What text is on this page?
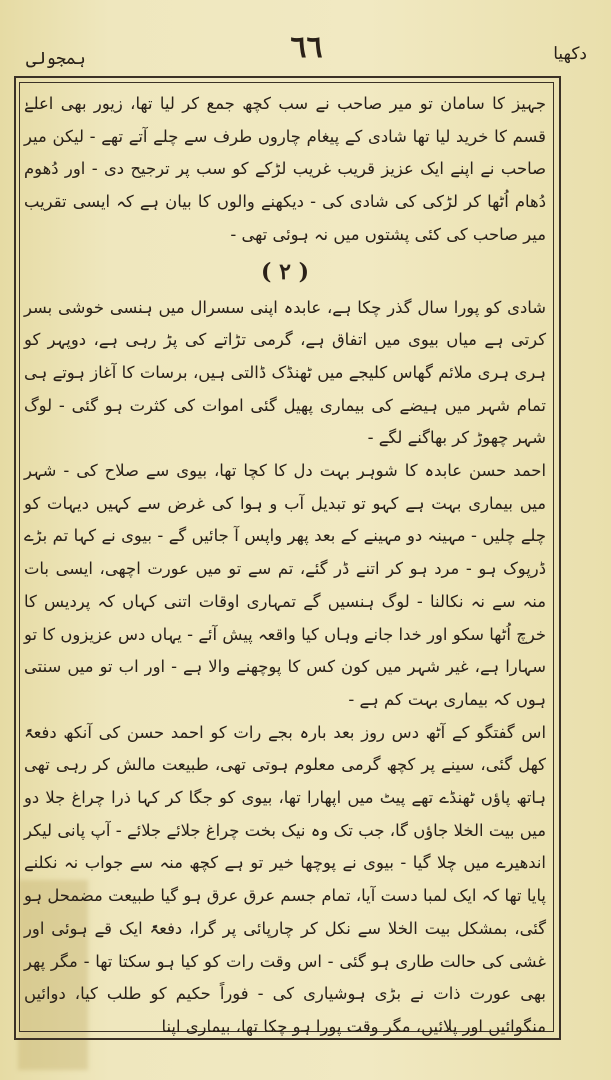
ہمجولی	٦٦	دکھیا

جہیز کا سامان تو میر صاحب نے سب کچھ جمع کر لیا تھا، زیور بھی اعلےٰ قسم کا خرید لیا تھا شادی کے پیغام چاروں طرف سے چلے آتے تھے - لیکن میر صاحب نے اپنے ایک عزیز قریب غریب لڑکے کو سب پر ترجیح دی - اور دُھوم دُھام اُٹھا کر لڑکی کی شادی کی - دیکھنے والوں کا بیان ہے کہ ایسی تقریب میر صاحب کی کئی پشتوں میں نہ ہوئی تھی -

( ۲ )

شادی کو پورا سال گذر چکا ہے، عابدہ اپنی سسرال میں ہنسی خوشی بسر کرتی ہے میاں بیوی میں اتفاق ہے، گرمی تڑاتے کی پڑ رہی ہے، دوپہر کو ہری ہری ملائم گھاس کلیجے میں ٹھنڈک ڈالتی ہیں، برسات کا آغاز ہوتے ہی تمام شہر میں ہیضے کی بیماری پھیل گئی اموات کی کثرت ہو گئی - لوگ شہر چھوڑ کر بھاگنے لگے -

احمد حسن عابدہ کا شوہر بہت دل کا کچا تھا، بیوی سے صلاح کی - شہر میں بیماری بہت ہے کہو تو تبدیل آب و ہوا کی غرض سے کہیں دیہات کو چلے چلیں - مہینہ دو مہینے کے بعد پھر واپس آ جائیں گے - بیوی نے کہا تم بڑے ڈرپوک ہو - مرد ہو کر اتنے ڈر گئے، تم سے تو میں عورت اچھی، ایسی بات منہ سے نہ نکالنا - لوگ ہنسیں گے تمہاری اوقات اتنی کہاں کہ پردیس کا خرچ اُٹھا سکو اور خدا جانے وہاں کیا واقعہ پیش آئے - یہاں دس عزیزوں کا تو سہارا ہے، غیر شہر میں کون کس کا پوچھنے والا ہے - اور اب تو میں سنتی ہوں کہ بیماری بہت کم ہے -

اس گفتگو کے آٹھ دس روز بعد بارہ بجے رات کو احمد حسن کی آنکھ دفعۃً کھل گئی، سینے پر کچھ گرمی معلوم ہوتی تھی، طبیعت مالش کر رہی تھی ہاتھ پاؤں ٹھنڈے تھے پیٹ میں اپھارا تھا، بیوی کو جگا کر کہا ذرا چراغ جلا دو میں بیت الخلا جاؤں گا، جب تک وہ نیک بخت چراغ جلائے جلائے - آپ پانی لیکر اندھیرے میں چلا گیا - بیوی نے پوچھا خیر تو ہے کچھ منہ سے جواب نہ نکلنے پایا تھا کہ ایک لمبا دست آیا، تمام جسم عرق عرق ہو گیا طبیعت مضمحل ہو گئی، بمشکل بیت الخلا سے نکل کر چارپائی پر گرا، دفعۃً ایک قے ہوئی اور غشی کی حالت طاری ہو گئی - اس وقت رات کو کیا ہو سکتا تھا - مگر پھر بھی عورت ذات نے بڑی ہوشیاری کی - فوراً حکیم کو طلب کیا، دوائیں منگوائیں اور پلائیں، مگر وقت پورا ہو چکا تھا، بیماری اپنا
